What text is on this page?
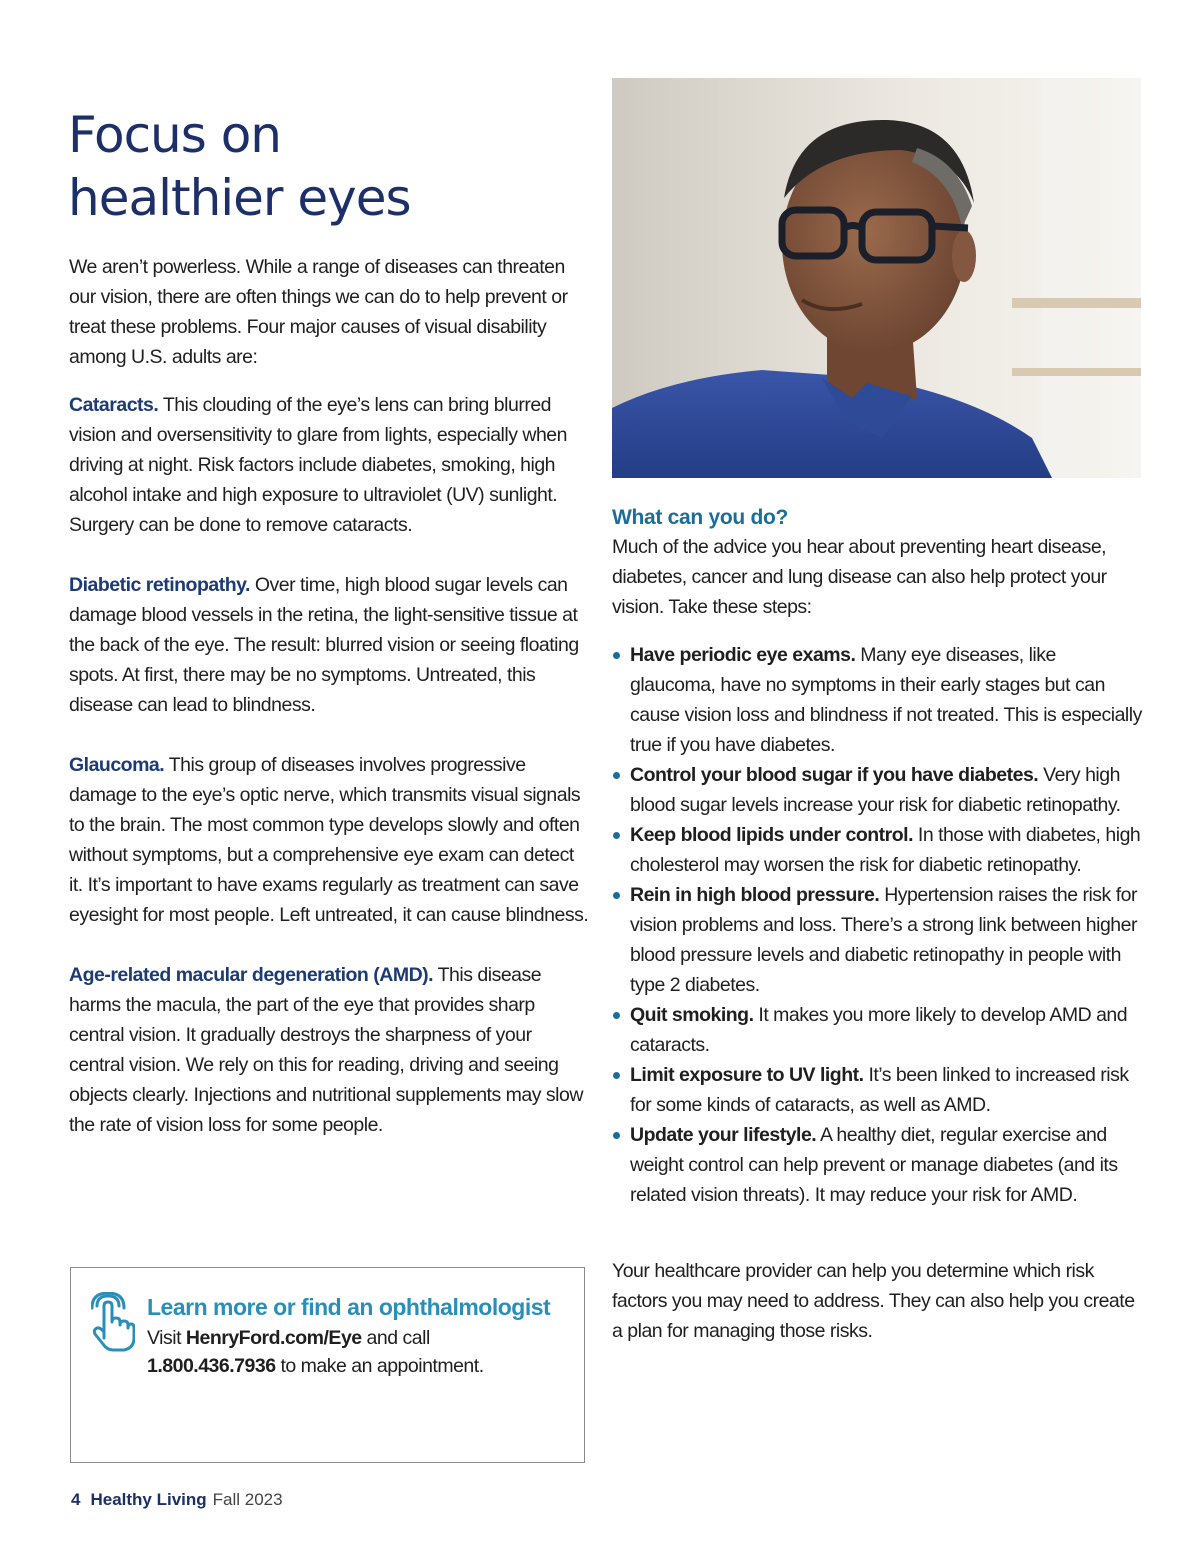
Focus on
healthier eyes

We aren’t powerless. While a range of diseases can threaten our vision, there are often things we can do to help prevent or treat these problems. Four major causes of visual disability among U.S. adults are:

Cataracts. This clouding of the eye’s lens can bring blurred vision and oversensitivity to glare from lights, especially when driving at night. Risk factors include diabetes, smoking, high alcohol intake and high exposure to ultraviolet (UV) sunlight. Surgery can be done to remove cataracts.

Diabetic retinopathy. Over time, high blood sugar levels can damage blood vessels in the retina, the light-sensitive tissue at the back of the eye. The result: blurred vision or seeing floating spots. At first, there may be no symptoms. Untreated, this disease can lead to blindness.

Glaucoma. This group of diseases involves progressive damage to the eye’s optic nerve, which transmits visual signals to the brain. The most common type develops slowly and often without symptoms, but a comprehensive eye exam can detect it. It’s important to have exams regularly as treatment can save eyesight for most people. Left untreated, it can cause blindness.

Age-related macular degeneration (AMD). This disease harms the macula, the part of the eye that provides sharp central vision. It gradually destroys the sharpness of your central vision. We rely on this for reading, driving and seeing objects clearly. Injections and nutritional supplements may slow the rate of vision loss for some people.

What can you do?

Much of the advice you hear about preventing heart disease, diabetes, cancer and lung disease can also help protect your vision. Take these steps:

Have periodic eye exams. Many eye diseases, like glaucoma, have no symptoms in their early stages but can cause vision loss and blindness if not treated. This is especially true if you have diabetes.
Control your blood sugar if you have diabetes. Very high blood sugar levels increase your risk for diabetic retinopathy.
Keep blood lipids under control. In those with diabetes, high cholesterol may worsen the risk for diabetic retinopathy.
Rein in high blood pressure. Hypertension raises the risk for vision problems and loss. There’s a strong link between higher blood pressure levels and diabetic retinopathy in people with type 2 diabetes.
Quit smoking. It makes you more likely to develop AMD and cataracts.
Limit exposure to UV light. It’s been linked to increased risk for some kinds of cataracts, as well as AMD.
Update your lifestyle. A healthy diet, regular exercise and weight control can help prevent or manage diabetes (and its related vision threats). It may reduce your risk for AMD.

Your healthcare provider can help you determine which risk factors you may need to address. They can also help you create a plan for managing those risks.

Learn more or find an ophthalmologist

Visit HenryFord.com/Eye and call

1.800.436.7936 to make an appointment.

4 Healthy Living Fall 2023
